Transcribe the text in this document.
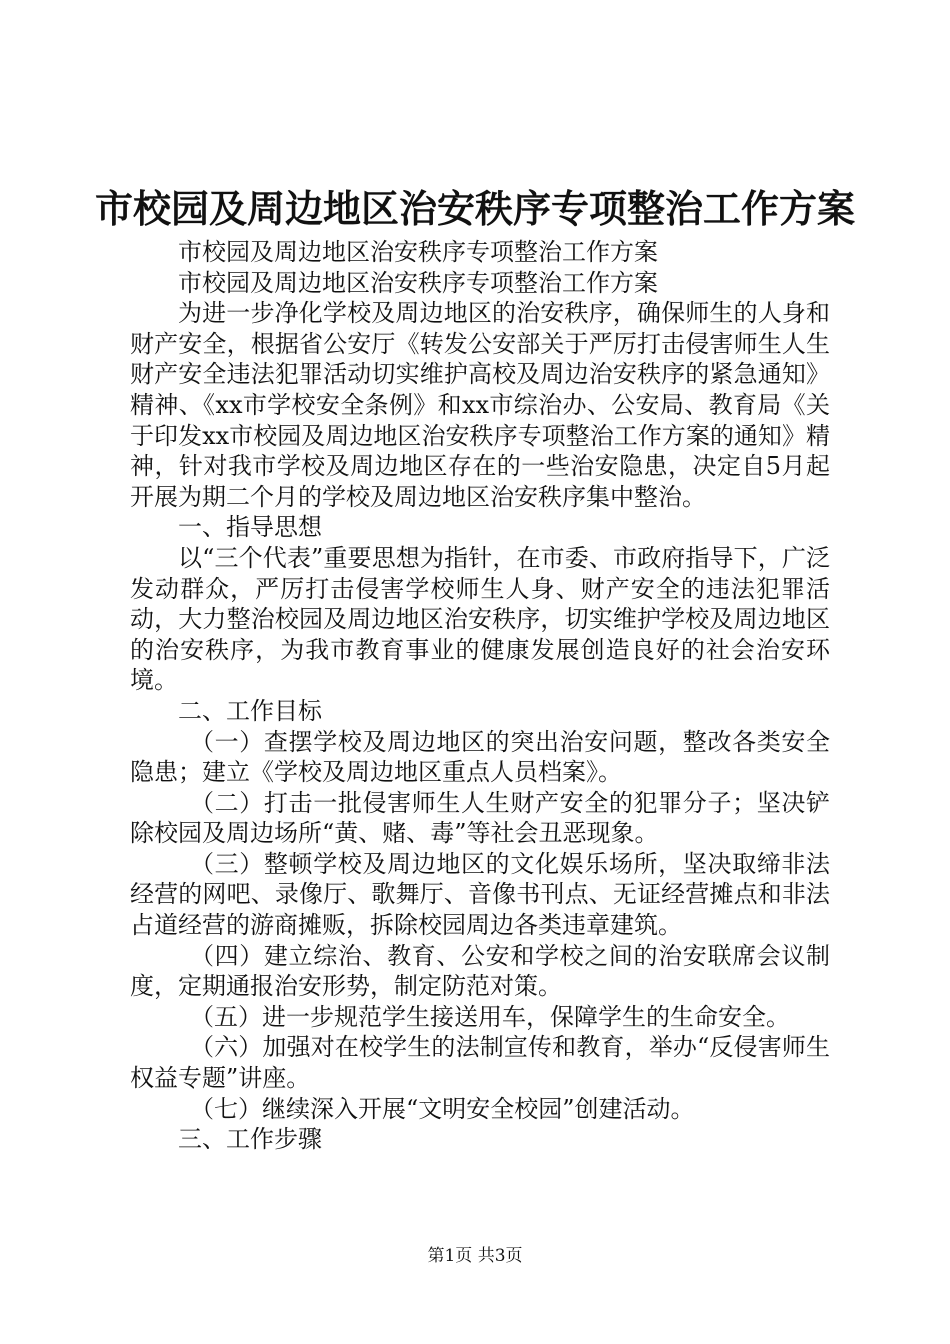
市校园及周边地区治安秩序专项整治工作方案

市校园及周边地区治安秩序专项整治工作方案

市校园及周边地区治安秩序专项整治工作方案

为进一步净化学校及周边地区的治安秩序，确保师生的人身和财产安全，根据省公安厅《转发公安部关于严厉打击侵害师生人生财产安全违法犯罪活动切实维护高校及周边治安秩序的紧急通知》精神、《xx市学校安全条例》和xx市综治办、公安局、教育局《关于印发xx市校园及周边地区治安秩序专项整治工作方案的通知》精神，针对我市学校及周边地区存在的一些治安隐患，决定自5月起开展为期二个月的学校及周边地区治安秩序集中整治。

一、指导思想

以“三个代表”重要思想为指针，在市委、市政府指导下，广泛发动群众，严厉打击侵害学校师生人身、财产安全的违法犯罪活动，大力整治校园及周边地区治安秩序，切实维护学校及周边地区的治安秩序，为我市教育事业的健康发展创造良好的社会治安环境。

二、工作目标

（一）查摆学校及周边地区的突出治安问题，整改各类安全隐患；建立《学校及周边地区重点人员档案》。

（二）打击一批侵害师生人生财产安全的犯罪分子；坚决铲除校园及周边场所“黄、赌、毒”等社会丑恶现象。

（三）整顿学校及周边地区的文化娱乐场所，坚决取缔非法经营的网吧、录像厅、歌舞厅、音像书刊点、无证经营摊点和非法占道经营的游商摊贩，拆除校园周边各类违章建筑。

（四）建立综治、教育、公安和学校之间的治安联席会议制度，定期通报治安形势，制定防范对策。

（五）进一步规范学生接送用车，保障学生的生命安全。

（六）加强对在校学生的法制宣传和教育，举办“反侵害师生权益专题”讲座。

（七）继续深入开展“文明安全校园”创建活动。

三、工作步骤

第1页 共3页
